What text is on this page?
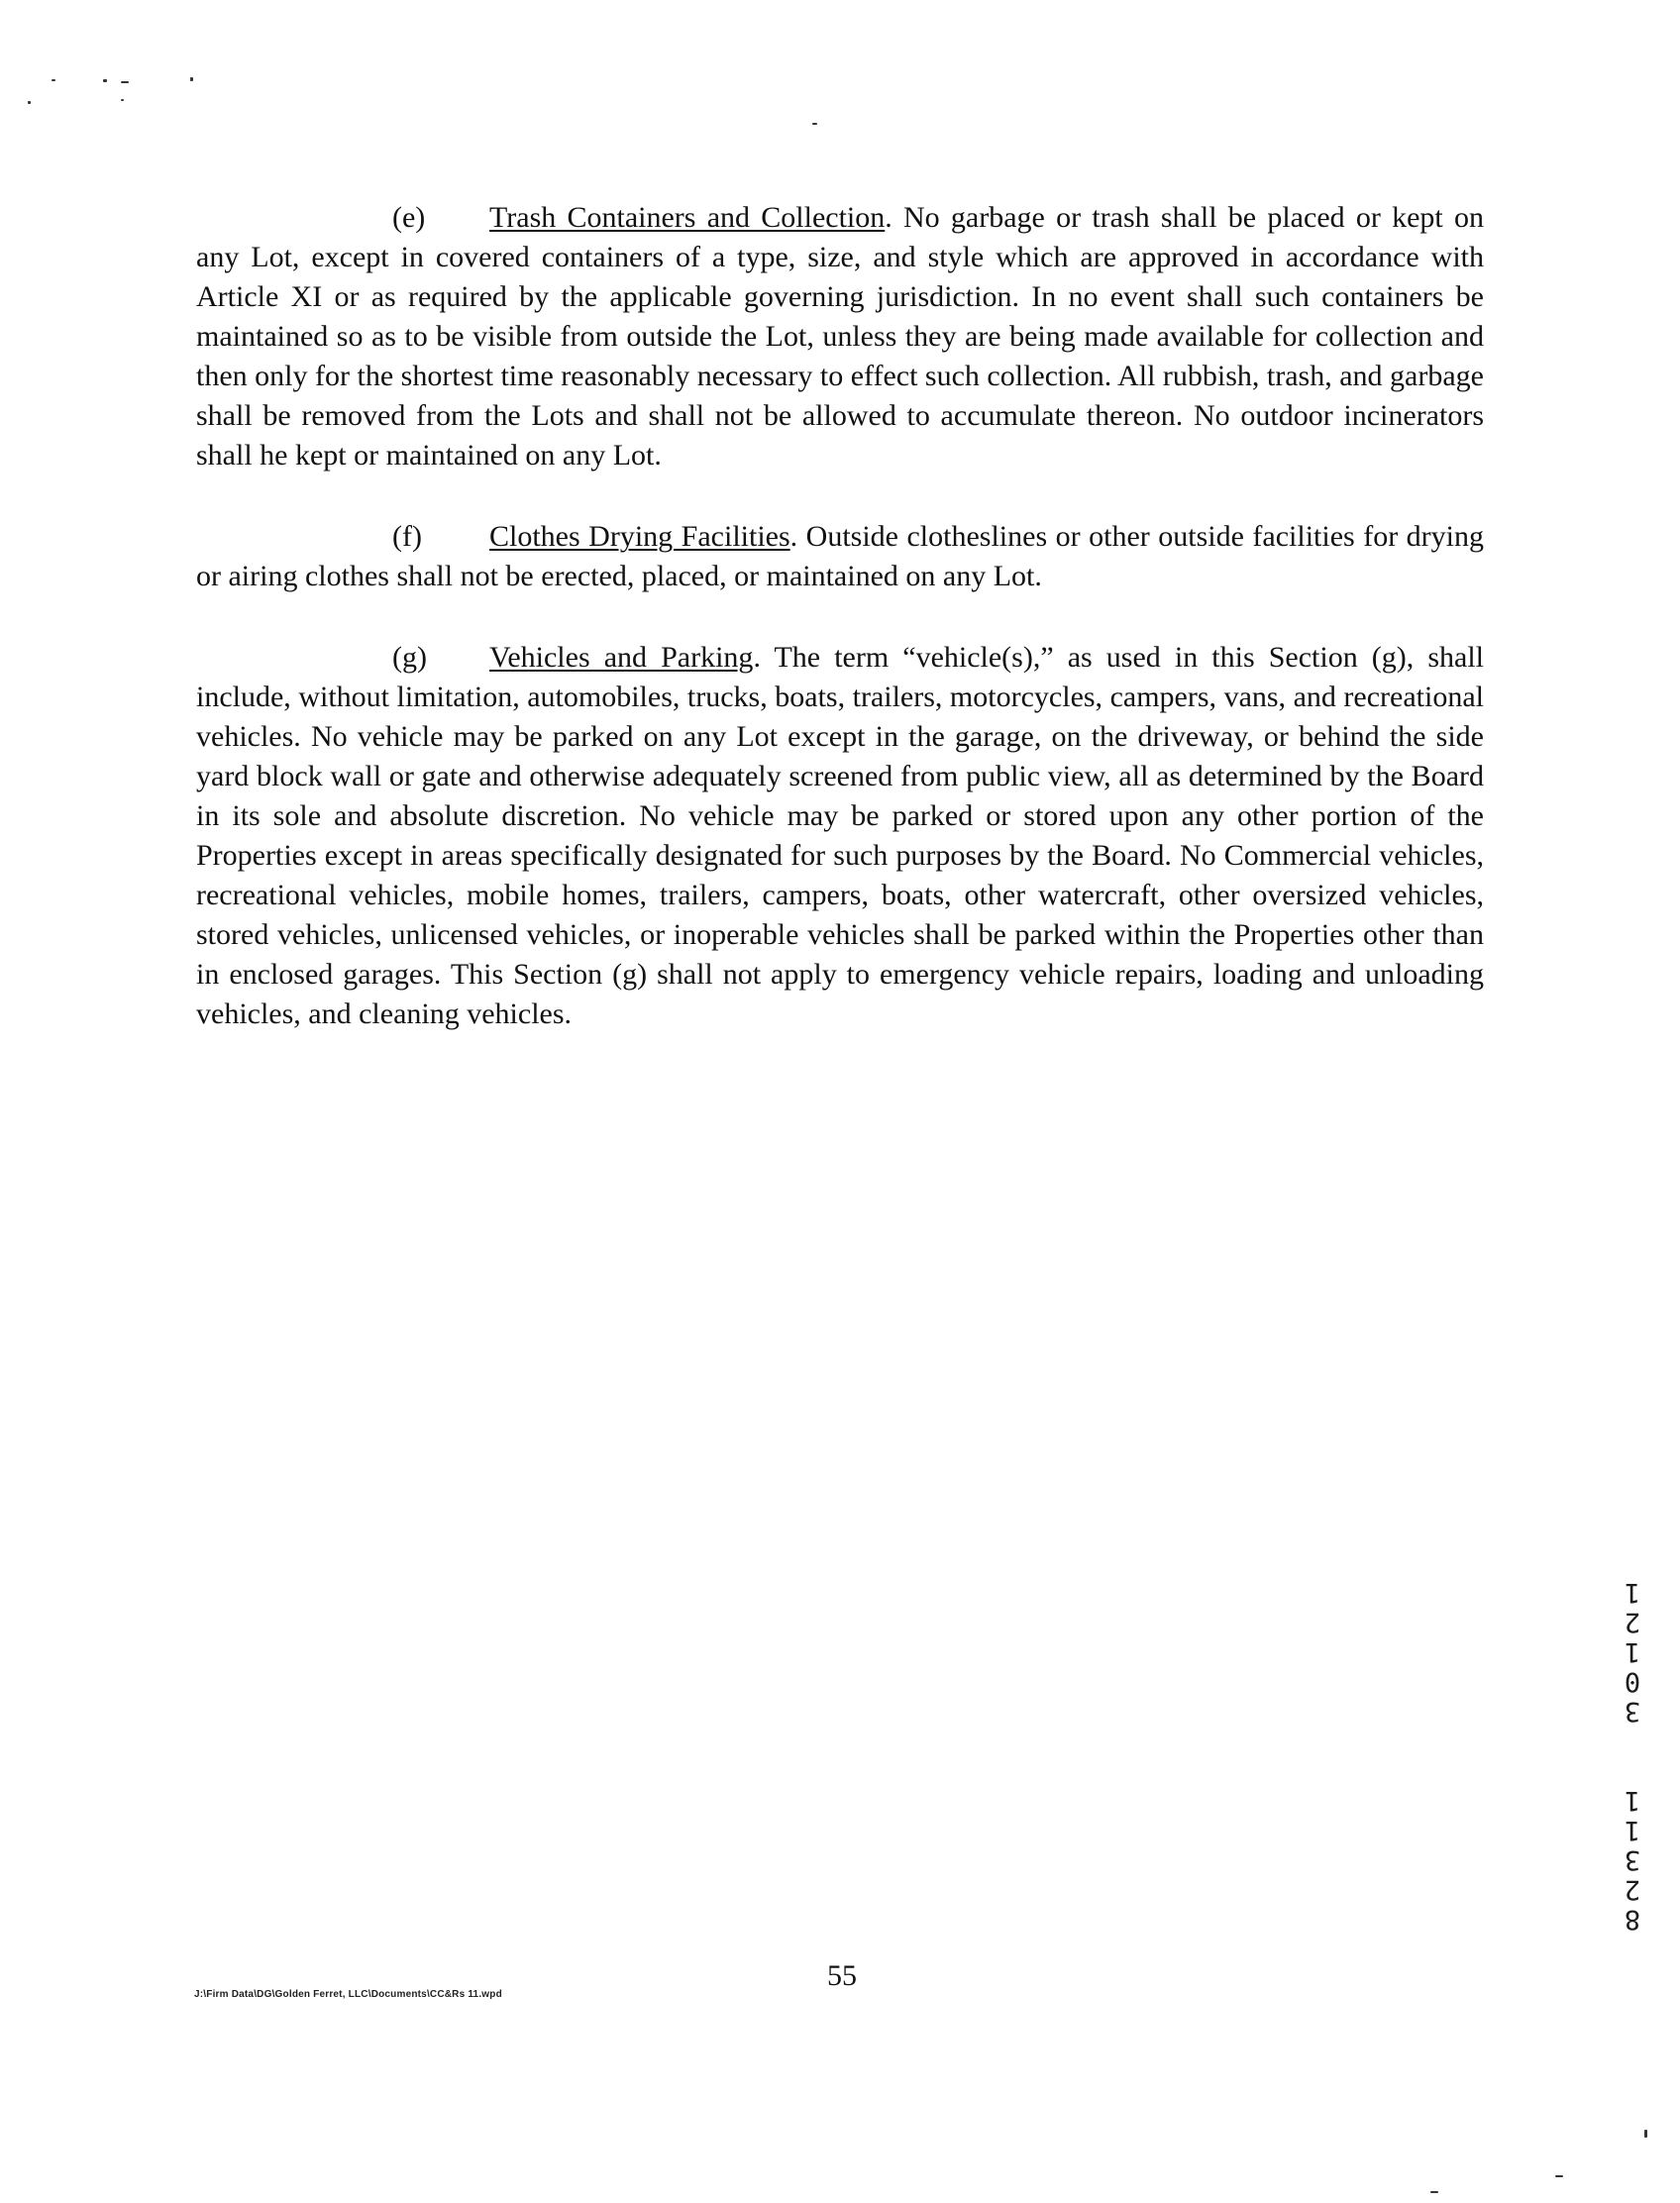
(e) Trash Containers and Collection. No garbage or trash shall be placed or kept on any Lot, except in covered containers of a type, size, and style which are approved in accordance with Article XI or as required by the applicable governing jurisdiction. In no event shall such containers be maintained so as to be visible from outside the Lot, unless they are being made available for collection and then only for the shortest time reasonably necessary to effect such collection. All rubbish, trash, and garbage shall be removed from the Lots and shall not be allowed to accumulate thereon. No outdoor incinerators shall he kept or maintained on any Lot.

(f) Clothes Drying Facilities. Outside clotheslines or other outside facilities for drying or airing clothes shall not be erected, placed, or maintained on any Lot.

(g) Vehicles and Parking. The term “vehicle(s),” as used in this Section (g), shall include, without limitation, automobiles, trucks, boats, trailers, motorcycles, campers, vans, and recreational vehicles. No vehicle may be parked on any Lot except in the garage, on the driveway, or behind the side yard block wall or gate and otherwise adequately screened from public view, all as determined by the Board in its sole and absolute discretion. No vehicle may be parked or stored upon any other portion of the Properties except in areas specifically designated for such purposes by the Board. No Commercial vehicles, recreational vehicles, mobile homes, trailers, campers, boats, other watercraft, other oversized vehicles, stored vehicles, unlicensed vehicles, or inoperable vehicles shall be parked within the Properties other than in enclosed garages. This Section (g) shall not apply to emergency vehicle repairs, loading and unloading vehicles, and cleaning vehicles.

55
J:\Firm Data\DG\Golden Ferret, LLC\Documents\CC&Rs 11.wpd
3
0
1
2
1
8
2
3
1
1
